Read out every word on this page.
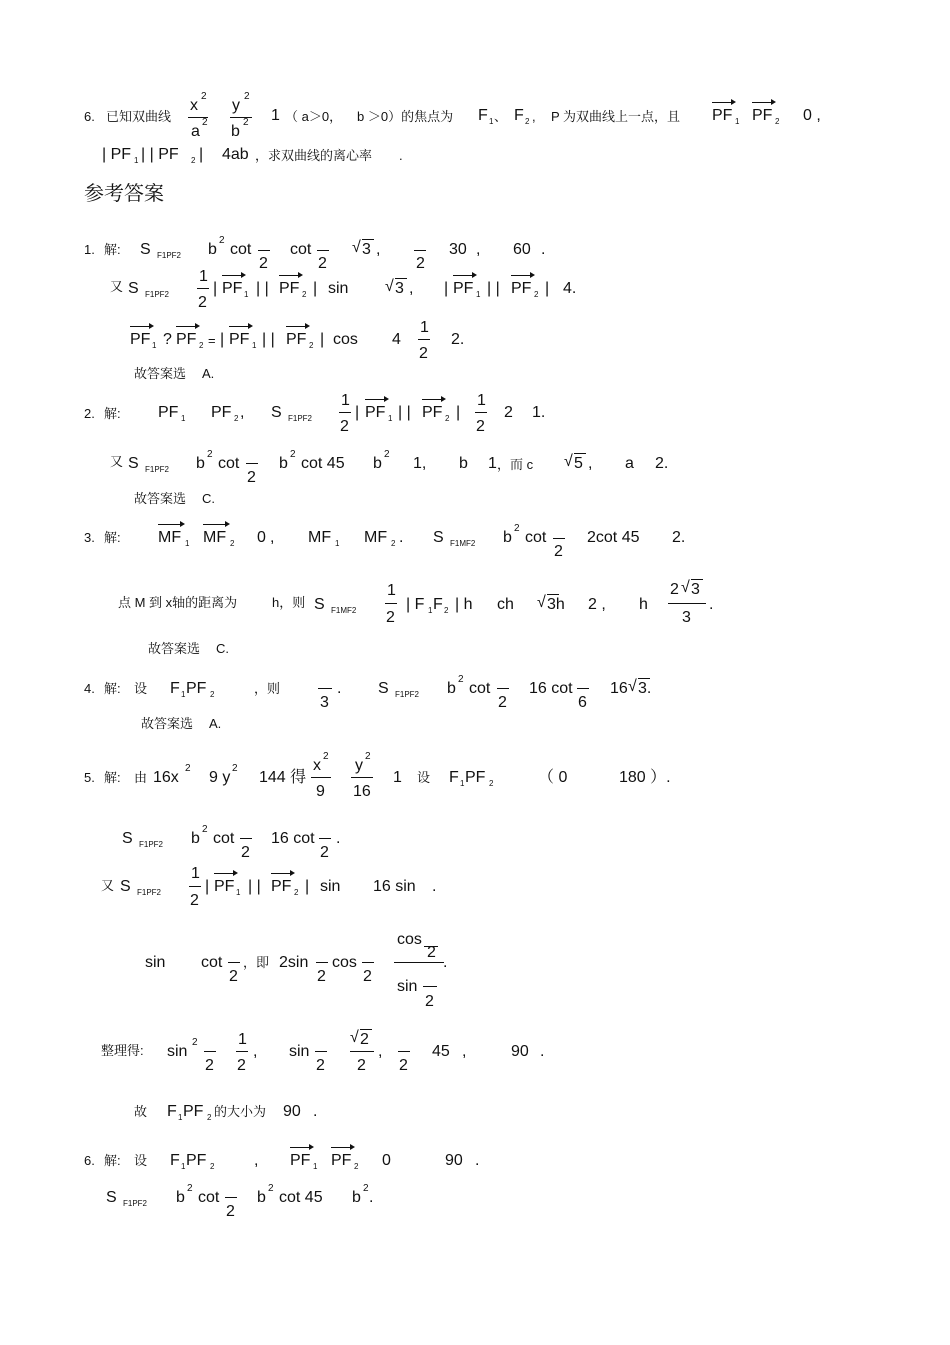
6. 已知双曲线
x
2
a
2
y
2
b
2 1 （ a＞0， b ＞0）的焦点为 F 1 、 F 2 , P 为双曲线上一点，且 PF 1 PF 2 0 ,
| PF 1 | | PF 2 | 4ab ，求双曲线的离心率 .
参考答案
1. 解: S F1PF2 b
2
cot
2
cot
2
√ 3 ,
2
30 , 60 .
又 S F1PF2
1
2
| PF 1 | | PF 2 | sin √ 3 , | PF 1 | | PF 2 | 4.
PF 1 ? PF 2 = | PF 1 | | PF 2 | cos 4
1
2
2.
故答案选 A.
2. 解: PF 1 PF 2 , S F1PF2
1
2
| PF 1 | | PF 2 |
1
2
2 1.
又 S F1PF2 b
2
cot
2
b
2
cot 45 b
2
1, b 1 ，而 c √ 5 , a 2.
故答案选 C.
3. 解: MF 1 MF 2 0 , MF 1 MF 2 . S F1MF2 b
2
cot
2
2cot 45 2.
点 M 到 x轴的距离为	h，则 S F1MF2
1
2
| F 1 F 2 | h ch √ 3h 2 , h
2 √ 3
3
.
故答案选 C.
4. 解: 设 F 1 PF 2	，则
3
. S F1PF2 b
2
cot
2
16 cot
6
16 √ 3.
故答案选 A.
5. 解: 由 16x
2
9 y
2
144 得
x
2
9
y
2
16
1 设 F 1 PF 2	（ 0	180 ）.
S F1PF2 b
2
cot
2
16 cot
2
.
又 S F1PF2
1
2
| PF 1 | | PF 2 | sin 16 sin .
sin cot
2
，即 2sin
2
cos
2
cos
2
sin
2
.
整理得: sin
2
2
1
2
, sin
2
√ 2
2
,
2
45 ,	90 .
故 F 1 PF 2 的大小为 90 .
6. 解: 设 F 1 PF 2 , PF 1 PF 2 0	90 .
S F1PF2 b
2
cot
2
b
2
cot 45 b
2
.
